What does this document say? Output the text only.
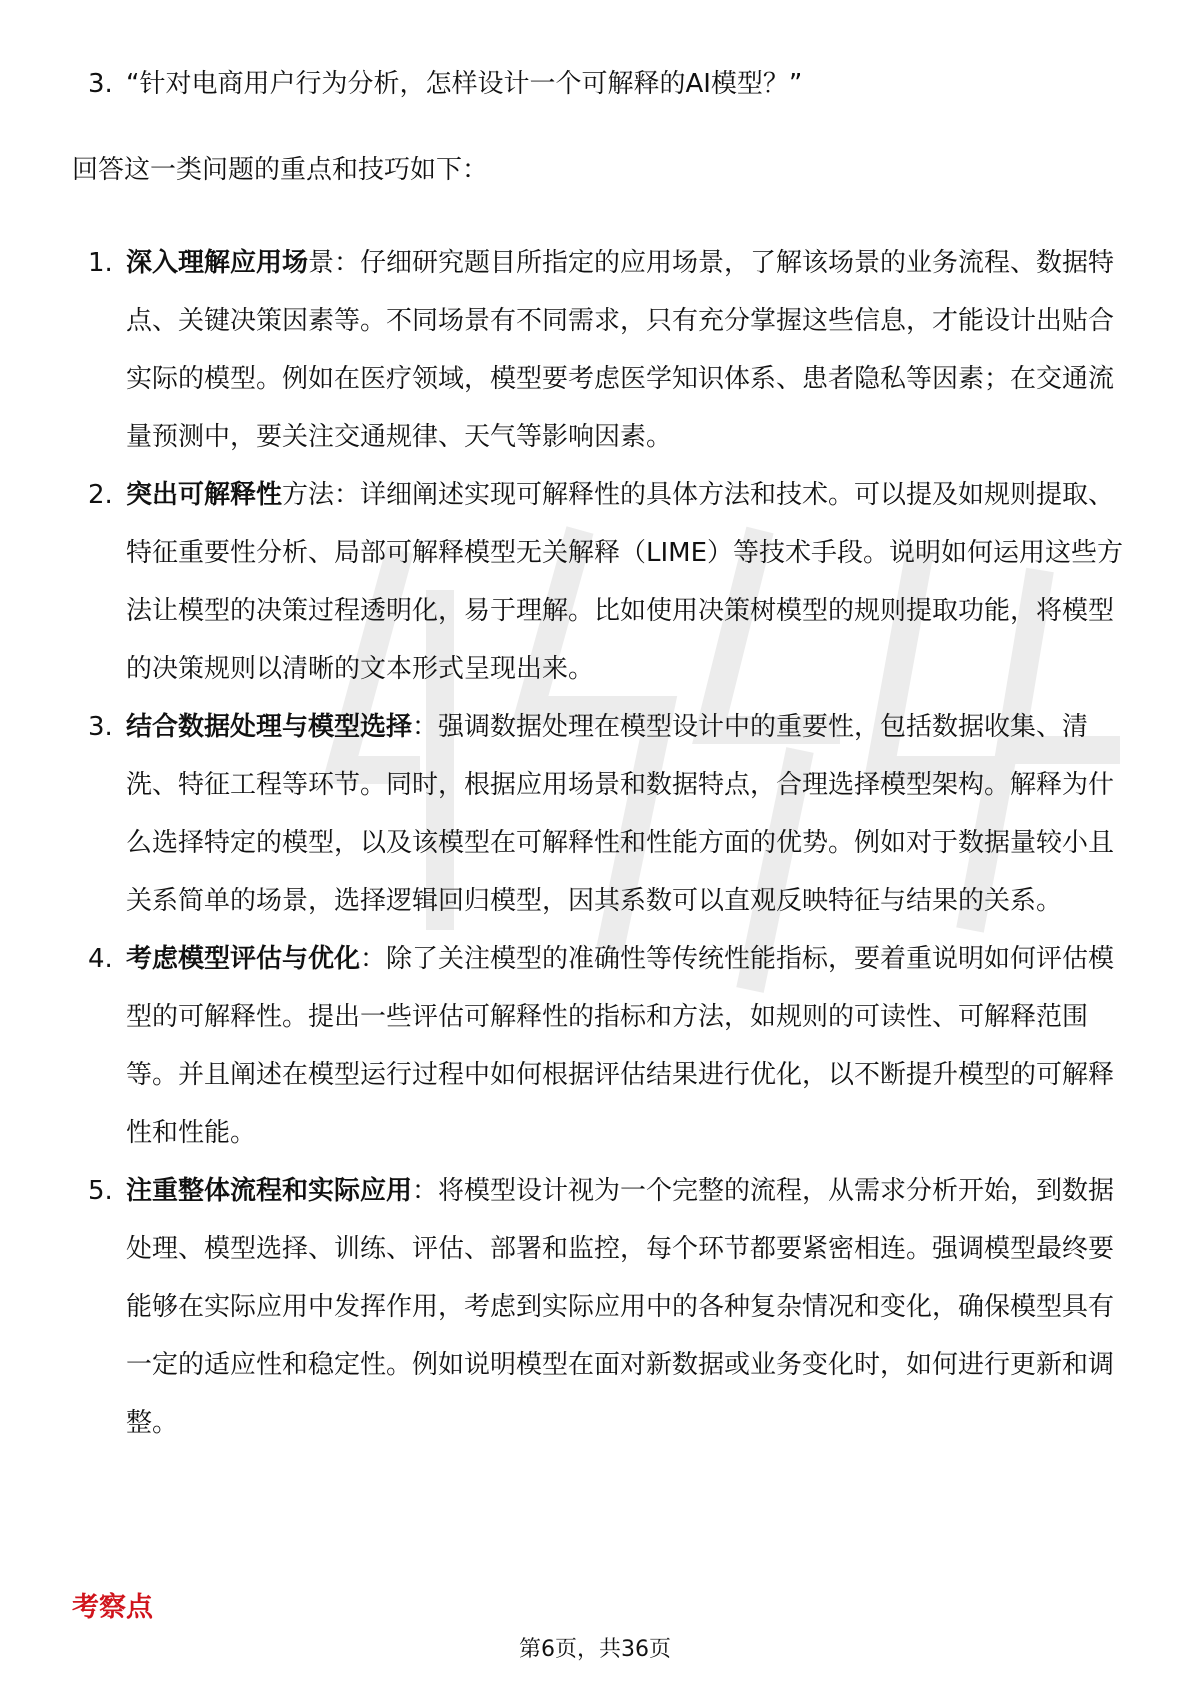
3. “针对电商用户行为分析，怎样设计一个可解释的AI模型？”
回答这一类问题的重点和技巧如下：
1. 深入理解应用场景：仔细研究题目所指定的应用场景，了解该场景的业务流程、数据特点、关键决策因素等。不同场景有不同需求，只有充分掌握这些信息，才能设计出贴合实际的模型。例如在医疗领域，模型要考虑医学知识体系、患者隐私等因素；在交通流量预测中，要关注交通规律、天气等影响因素。
2. 突出可解释性方法：详细阐述实现可解释性的具体方法和技术。可以提及如规则提取、特征重要性分析、局部可解释模型无关解释（LIME）等技术手段。说明如何运用这些方法让模型的决策过程透明化，易于理解。比如使用决策树模型的规则提取功能，将模型的决策规则以清晰的文本形式呈现出来。
3. 结合数据处理与模型选择：强调数据处理在模型设计中的重要性，包括数据收集、清洗、特征工程等环节。同时，根据应用场景和数据特点，合理选择模型架构。解释为什么选择特定的模型，以及该模型在可解释性和性能方面的优势。例如对于数据量较小且关系简单的场景，选择逻辑回归模型，因其系数可以直观反映特征与结果的关系。
4. 考虑模型评估与优化：除了关注模型的准确性等传统性能指标，要着重说明如何评估模型的可解释性。提出一些评估可解释性的指标和方法，如规则的可读性、可解释范围等。并且阐述在模型运行过程中如何根据评估结果进行优化，以不断提升模型的可解释性和性能。
5. 注重整体流程和实际应用：将模型设计视为一个完整的流程，从需求分析开始，到数据处理、模型选择、训练、评估、部署和监控，每个环节都要紧密相连。强调模型最终要能够在实际应用中发挥作用，考虑到实际应用中的各种复杂情况和变化，确保模型具有一定的适应性和稳定性。例如说明模型在面对新数据或业务变化时，如何进行更新和调整。
考察点
第6页，共36页
